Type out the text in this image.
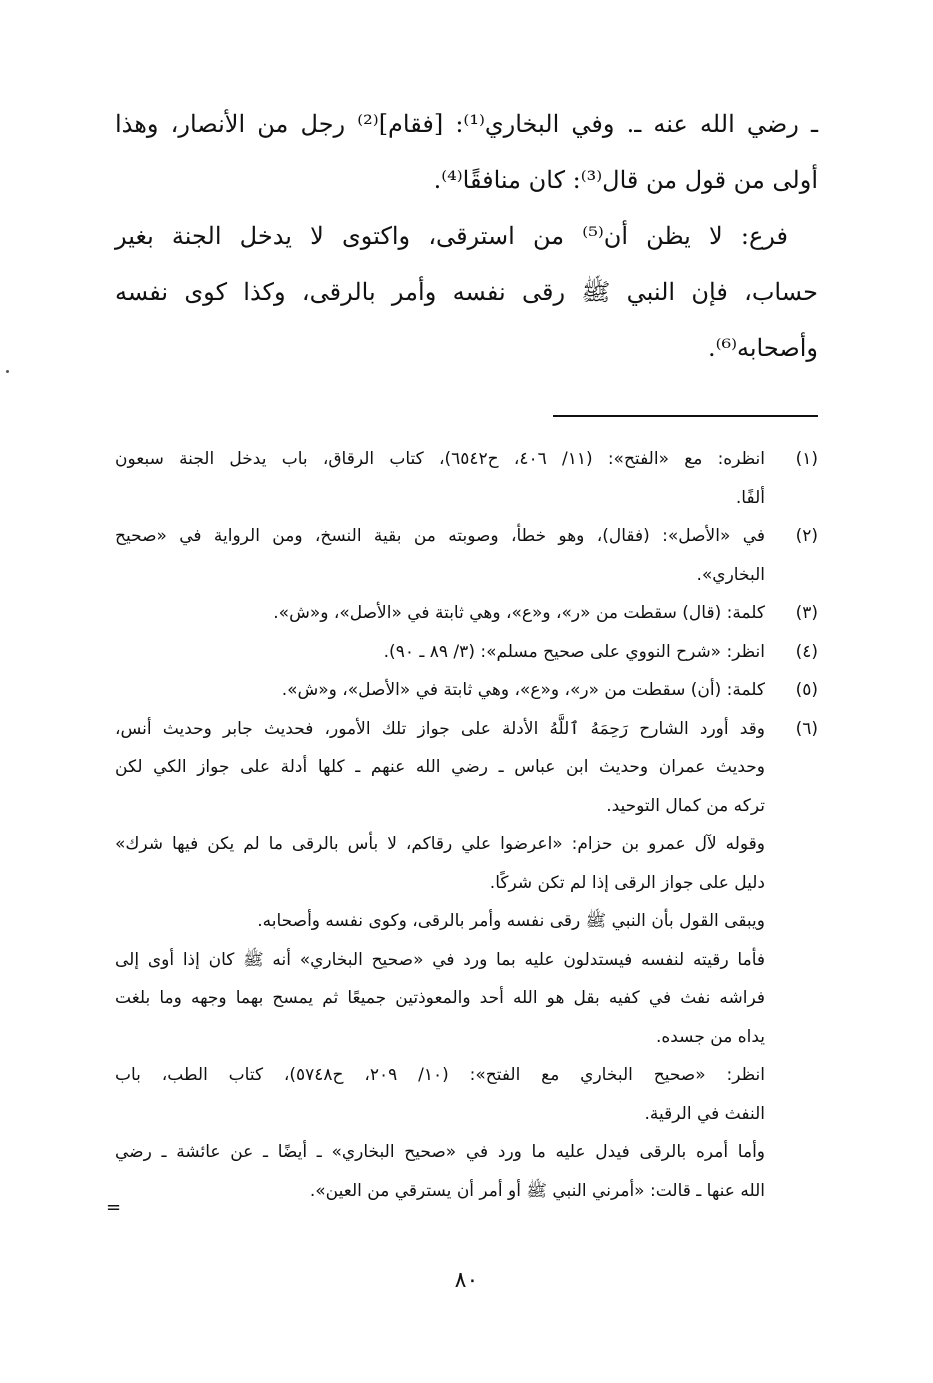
ـ رضي الله عنه ـ. وفي البخاري⁽¹⁾: [فقام]⁽²⁾ رجل من الأنصار، وهذا
أولى من قول من قال⁽³⁾: كان منافقًا⁽⁴⁾.
فرع: لا يظن أن⁽⁵⁾ من استرقى، واكتوى لا يدخل الجنة بغير
حساب، فإن النبي ﷺ رقى نفسه وأمر بالرقى، وكذا كوى نفسه
وأصحابه⁽⁶⁾.
(١)
انظره: مع «الفتح»: (١١/ ٤٠٦، ح٦٥٤٢)، كتاب الرقاق، باب يدخل الجنة سبعون
ألفًا.
(٢)
في «الأصل»: (فقال)، وهو خطأ، وصوبته من بقية النسخ، ومن الرواية في «صحيح
البخاري».
(٣)
كلمة: (قال) سقطت من «ر»، و«ع»، وهي ثابتة في «الأصل»، و«ش».
(٤)
انظر: «شرح النووي على صحيح مسلم»: (٣/ ٨٩ ـ ٩٠).
(٥)
كلمة: (أن) سقطت من «ر»، و«ع»، وهي ثابتة في «الأصل»، و«ش».
(٦)
وقد أورد الشارح رَحِمَهُ ٱللَّهُ الأدلة على جواز تلك الأمور، فحديث جابر وحديث أنس،
وحديث عمران وحديث ابن عباس ـ رضي الله عنهم ـ كلها أدلة على جواز الكي لكن
تركه من كمال التوحيد.
وقوله لآل عمرو بن حزام: «اعرضوا علي رقاكم، لا بأس بالرقى ما لم يكن فيها شرك»
دليل على جواز الرقى إذا لم تكن شركًا.
ويبقى القول بأن النبي ﷺ رقى نفسه وأمر بالرقى، وكوى نفسه وأصحابه.
فأما رقيته لنفسه فيستدلون عليه بما ورد في «صحيح البخاري» أنه ﷺ كان إذا أوى إلى
فراشه نفث في كفيه بقل هو الله أحد والمعوذتين جميعًا ثم يمسح بهما وجهه وما بلغت
يداه من جسده.
انظر: «صحيح البخاري مع الفتح»: (١٠/ ٢٠٩، ح٥٧٤٨)، كتاب الطب، باب
النفث في الرقية.
وأما أمره بالرقى فيدل عليه ما ورد في «صحيح البخاري» ـ أيضًا ـ عن عائشة ـ رضي
الله عنها ـ قالت: «أمرني النبي ﷺ أو أمر أن يسترقي من العين».
=
٨٠
